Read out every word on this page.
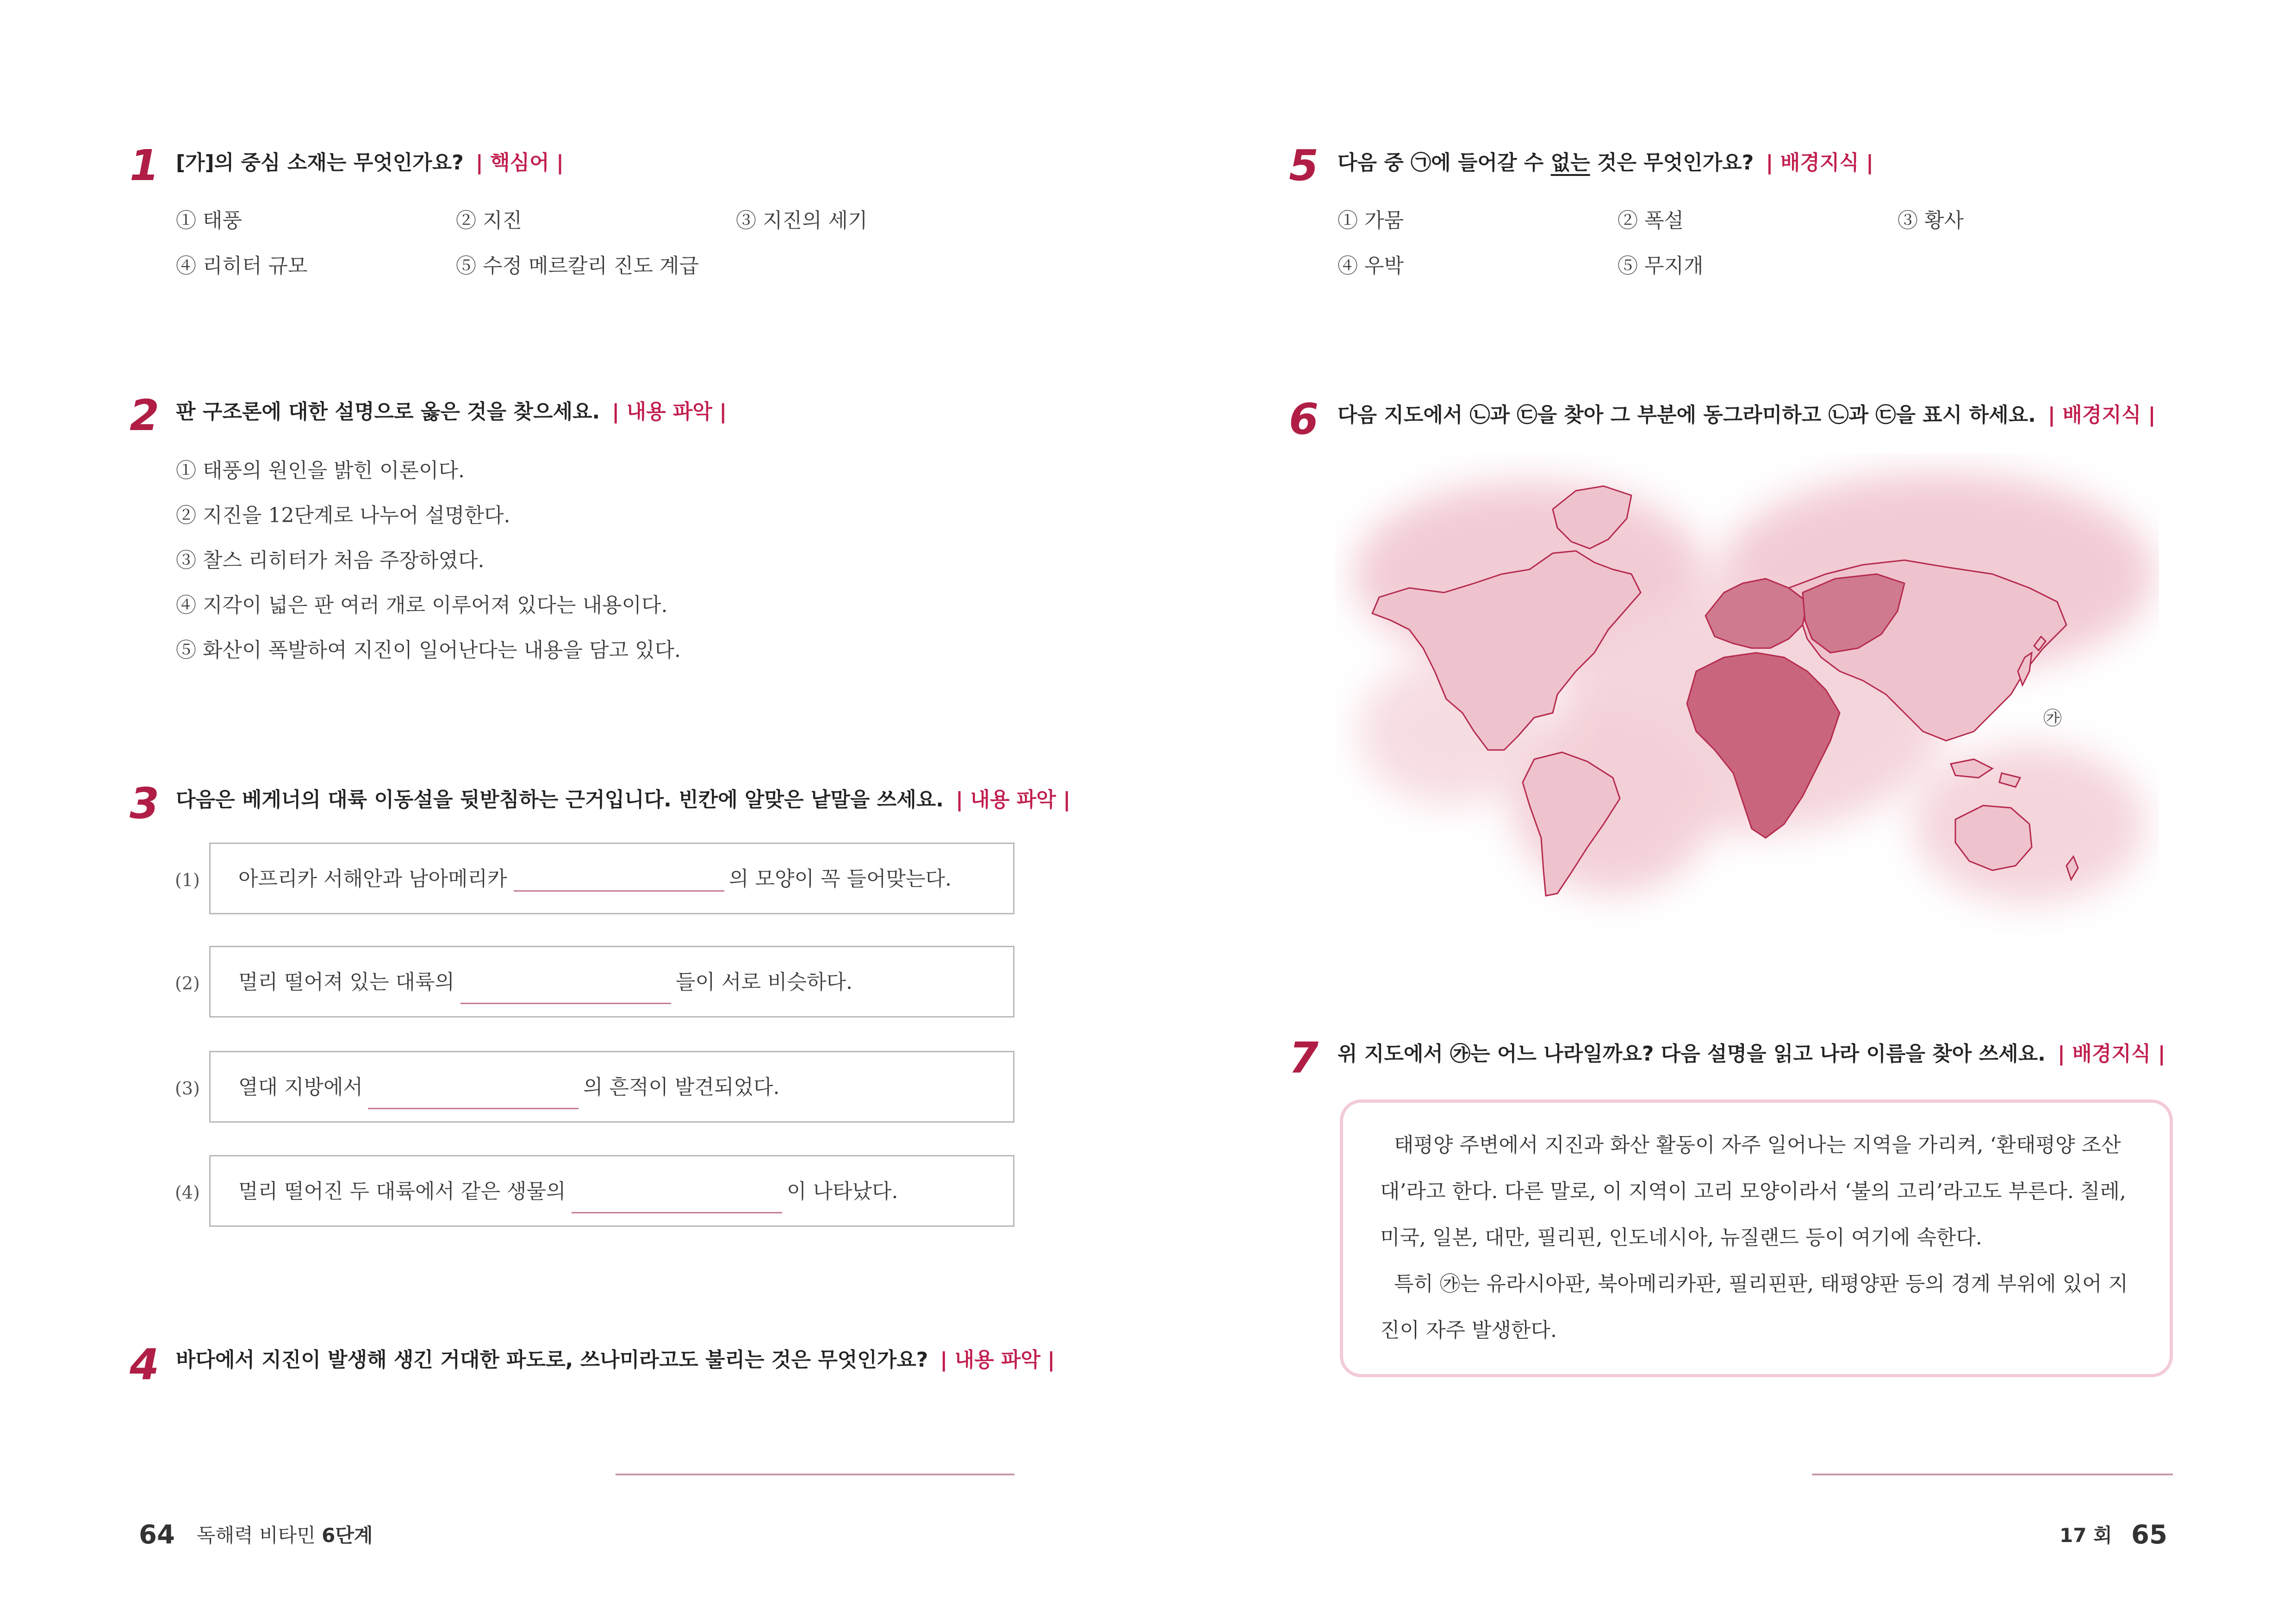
1 [가]의 중심 소재는 무엇인가요? | 핵심어 |
① 태풍	② 지진	③ 지진의 세기
④ 리히터 규모	⑤ 수정 메르칼리 진도 계급
2 판 구조론에 대한 설명으로 옳은 것을 찾으세요. | 내용 파악 |
① 태풍의 원인을 밝힌 이론이다.
② 지진을 12단계로 나누어 설명한다.
③ 찰스 리히터가 처음 주장하였다.
④ 지각이 넓은 판 여러 개로 이루어져 있다는 내용이다.
⑤ 화산이 폭발하여 지진이 일어난다는 내용을 담고 있다.
3 다음은 베게너의 대륙 이동설을 뒷받침하는 근거입니다. 빈칸에 알맞은 낱말을 쓰세요. | 내용 파악 |
(1) 아프리카 서해안과 남아메리카	의 모양이 꼭 들어맞는다.
(2) 멀리 떨어져 있는 대륙의	들이 서로 비슷하다.
(3) 열대 지방에서	의 흔적이 발견되었다.
(4) 멀리 떨어진 두 대륙에서 같은 생물의	이 나타났다.
4 바다에서 지진이 발생해 생긴 거대한 파도로, 쓰나미라고도 불리는 것은 무엇인가요? | 내용 파악 |
64 독해력 비타민 6단계
5 다음 중 ㉠에 들어갈 수 없는 것은 무엇인가요? | 배경지식 |
① 가뭄	② 폭설	③ 황사
④ 우박	⑤ 무지개
6 다음 지도에서 ㉡과 ㉢을 찾아 그 부분에 동그라미하고 ㉡과 ㉢을 표시 하세요. | 배경지식 |
㉮
7 위 지도에서 ㉮는 어느 나라일까요? 다음 설명을 읽고 나라 이름을 찾아 쓰세요. | 배경지식 |

태평양 주변에서 지진과 화산 활동이 자주 일어나는 지역을 가리켜, ‘환태평양 조산

대’라고 한다. 다른 말로, 이 지역이 고리 모양이라서 ‘불의 고리’라고도 부른다. 칠레,

미국, 일본, 대만, 필리핀, 인도네시아, 뉴질랜드 등이 여기에 속한다.

특히 ㉮는 유라시아판, 북아메리카판, 필리핀판, 태평양판 등의 경계 부위에 있어 지

진이 자주 발생한다.

17 회 65
